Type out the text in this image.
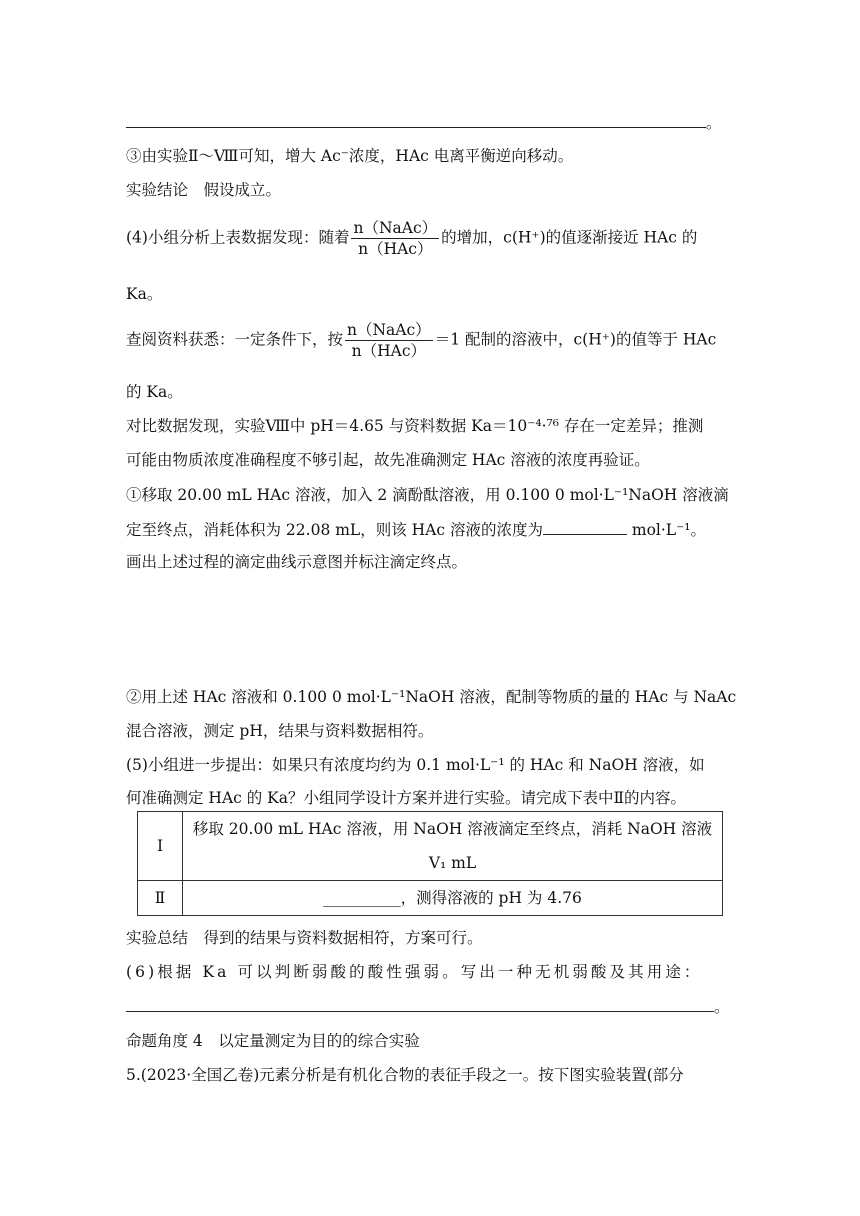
。
③由实验Ⅱ～Ⅷ可知，增大 Ac⁻浓度，HAc 电离平衡逆向移动。
实验结论　假设成立。
(4)小组分析上表数据发现：随着 $\frac{\text{n（NaAc）}}{\text{n（HAc）}}$ 的增加，c(H⁺)的值逐渐接近 HAc 的
Ka。
查阅资料获悉：一定条件下，按 $\frac{\text{n（NaAc）}}{\text{n（HAc）}} =1$ 配制的溶液中，c(H⁺)的值等于 HAc
的 Ka。
对比数据发现，实验Ⅷ中 pH＝4.65 与资料数据 Ka＝10⁻⁴·⁷⁶ 存在一定差异；推测
可能由物质浓度准确程度不够引起，故先准确测定 HAc 溶液的浓度再验证。
①移取 20.00 mL HAc 溶液，加入 2 滴酚酞溶液，用 0.100 0 mol·L⁻¹NaOH 溶液滴
定至终点，消耗体积为 22.08 mL，则该 HAc 溶液的浓度为	mol·L⁻¹。
画出上述过程的滴定曲线示意图并标注滴定终点。
②用上述 HAc 溶液和 0.100 0 mol·L⁻¹NaOH 溶液，配制等物质的量的 HAc 与 NaAc
混合溶液，测定 pH，结果与资料数据相符。
(5)小组进一步提出：如果只有浓度均约为 0.1 mol·L⁻¹ 的 HAc 和 NaOH 溶液，如
何准确测定 HAc 的 Ka？小组同学设计方案并进行实验。请完成下表中Ⅱ的内容。
Ⅰ	移取 20.00 mL HAc 溶液，用 NaOH 溶液滴定至终点，消耗 NaOH 溶液
V₁ mL

Ⅱ	__________，测得溶液的 pH 为 4.76
实验总结　得到的结果与资料数据相符，方案可行。
(6)根据 Ka 可以判断弱酸的酸性强弱。写出一种无机弱酸及其用途：
。
命题角度 4　以定量测定为目的的综合实验
5.(2023·全国乙卷)元素分析是有机化合物的表征手段之一。按下图实验装置(部分
